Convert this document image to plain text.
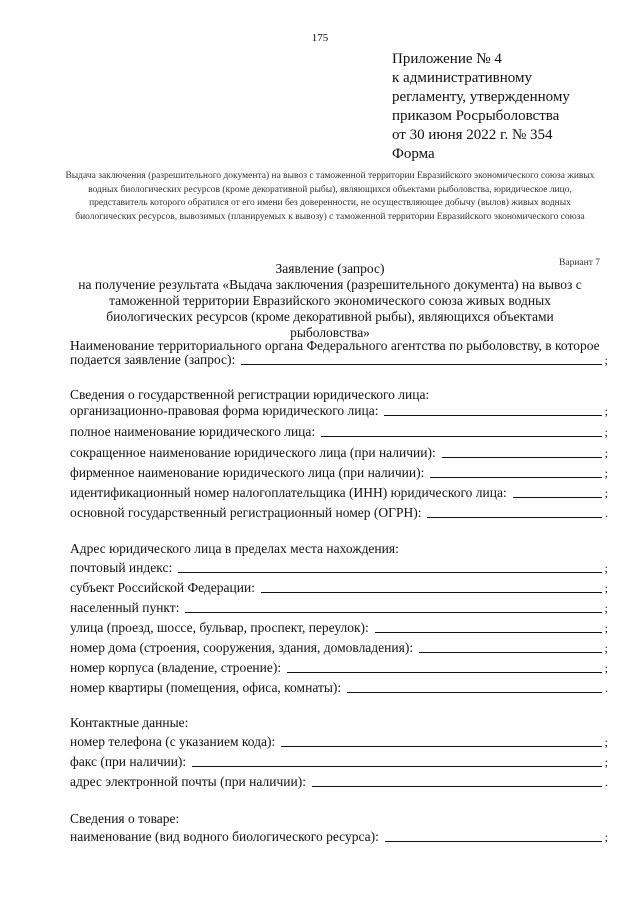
175
Приложение № 4
к административному
регламенту, утвержденному
приказом Росрыболовства
от 30 июня 2022 г. № 354
Форма
Выдача заключения (разрешительного документа) на вывоз с таможенной территории Евразийского экономического союза живых водных биологических ресурсов (кроме декоративной рыбы), являющихся объектами рыболовства, юридическое лицо, представитель которого обратился от его имени без доверенности, не осуществляющее добычу (вылов) живых водных биологических ресурсов, вывозимых (планируемых к вывозу) с таможенной территории Евразийского экономического союза
Вариант 7
Заявление (запрос)
на получение результата «Выдача заключения (разрешительного документа) на вывоз с таможенной территории Евразийского экономического союза живых водных биологических ресурсов (кроме декоративной рыбы), являющихся объектами рыболовства»
Наименование территориального органа Федерального агентства по рыболовству, в которое
подается заявление (запрос):	;
Сведения о государственной регистрации юридического лица:
организационно-правовая форма юридического лица:	;
полное наименование юридического лица:	;
сокращенное наименование юридического лица (при наличии):	;
фирменное наименование юридического лица (при наличии):	;
идентификационный номер налогоплательщика (ИНН) юридического лица:	;
основной государственный регистрационный номер (ОГРН):	.
Адрес юридического лица в пределах места нахождения:
почтовый индекс:	;
субъект Российской Федерации:	;
населенный пункт:	;
улица (проезд, шоссе, бульвар, проспект, переулок):	;
номер дома (строения, сооружения, здания, домовладения):	;
номер корпуса (владение, строение):	;
номер квартиры (помещения, офиса, комнаты):	.
Контактные данные:
номер телефона (с указанием кода):	;
факс (при наличии):	;
адрес электронной почты (при наличии):	.
Сведения о товаре:
наименование (вид водного биологического ресурса):	;
